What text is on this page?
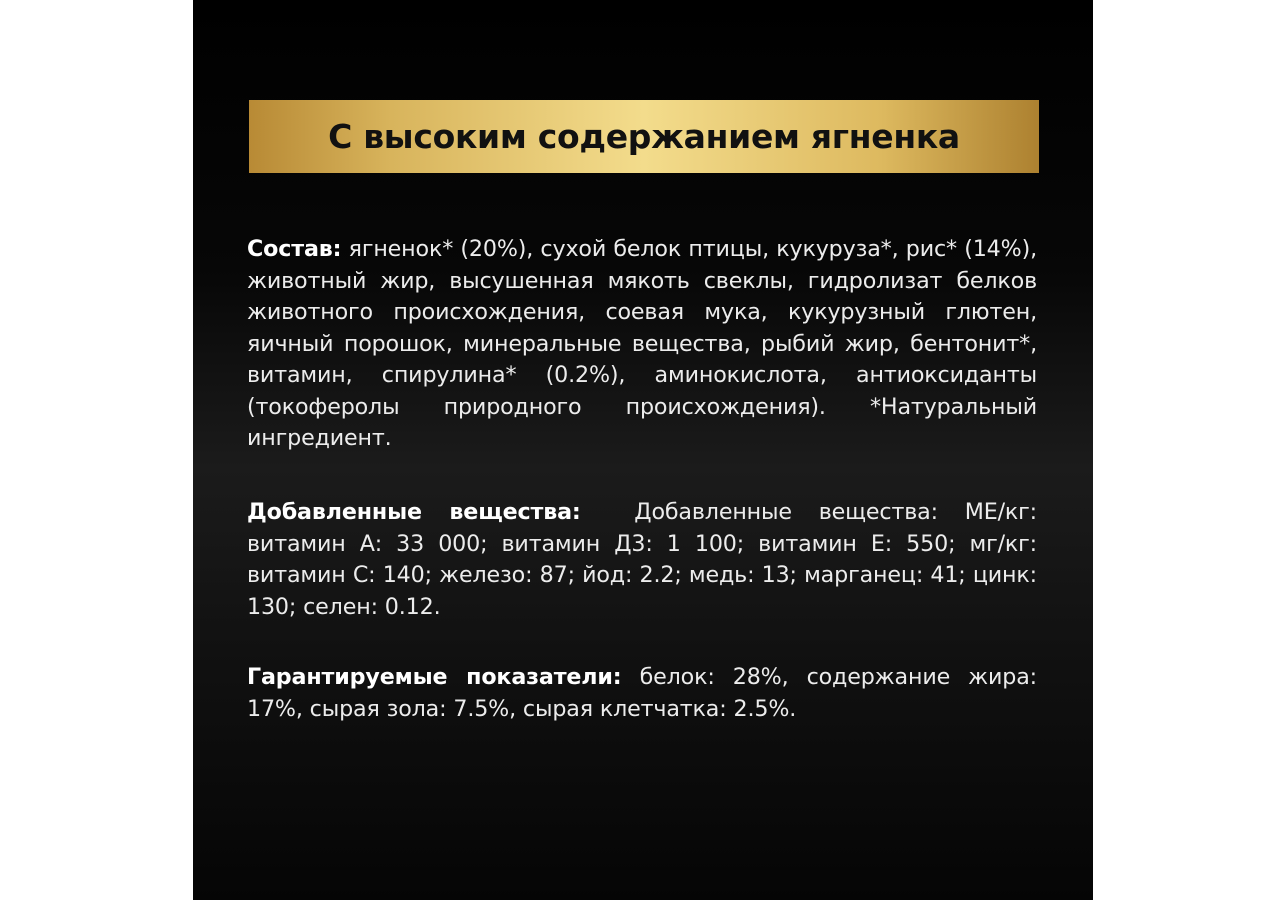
С высоким содержанием ягненка
Состав: ягненок* (20%), сухой белок птицы, кукуруза*, рис* (14%), животный жир, высушенная мякоть свеклы, гидролизат белков животного происхождения, соевая мука, кукурузный глютен, яичный порошок, минеральные вещества, рыбий жир, бентонит*, витамин, спирулина* (0.2%), аминокислота, антиоксиданты (токоферолы природного происхождения). *Натуральный ингредиент.
Добавленные вещества: Добавленные вещества: МЕ/кг: витамин А: 33 000; витамин Д3: 1 100; витамин Е: 550; мг/кг: витамин С: 140; железо: 87; йод: 2.2; медь: 13; марганец: 41; цинк: 130; селен: 0.12.
Гарантируемые показатели: белок: 28%, содержание жира: 17%, сырая зола: 7.5%, сырая клетчатка: 2.5%.
